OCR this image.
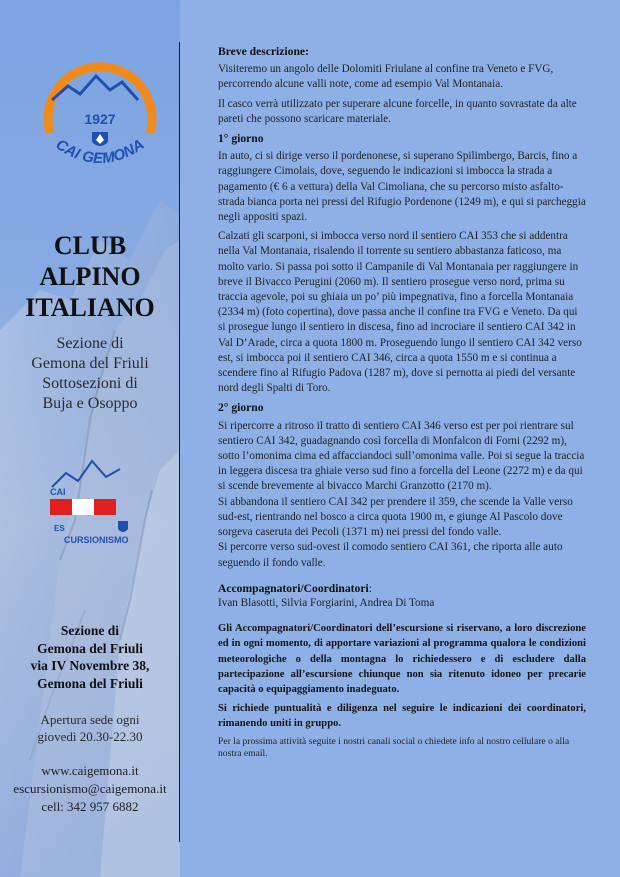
1927
CAI GEMONA
CLUB
ALPINO
ITALIANO
Sezione di
Gemona del Friuli
Sottosezioni di
Buja e Osoppo
CAI
ES
CURSIONISMO
Sezione di
Gemona del Friuli
via IV Novembre 38,
Gemona del Friuli
Apertura sede ogni
giovedì 20.30-22.30
www.caigemona.it
escursionismo@caigemona.it
cell: 342 957 6882
Breve descrizione:

Visiteremo un angolo delle Dolomiti Friulane al confine tra Veneto e FVG, percorrendo alcune valli note, come ad esempio Val Montanaia.

Il casco verrà utilizzato per superare alcune forcelle, in quanto sovrastate da alte pareti che possono scaricare materiale.

1° giorno

In auto, ci si dirige verso il pordenonese, si superano Spilimbergo, Barcis, fino a raggiungere Cimolais, dove, seguendo le indicazioni si imbocca la strada a pagamento (€ 6 a vettura) della Val Cimoliana, che su percorso misto asfalto-strada bianca porta nei pressi del Rifugio Pordenone (1249 m), e qui si parcheggia negli appositi spazi.

Calzati gli scarponi, si imbocca verso nord il sentiero CAI 353 che si addentra nella Val Montanaia, risalendo il torrente su sentiero abbastanza faticoso, ma molto vario. Si passa poi sotto il Campanile di Val Montanaia per raggiungere in breve il Bivacco Perugini (2060 m). Il sentiero prosegue verso nord, prima su traccia agevole, poi su ghiaia un po’ più impegnativa, fino a forcella Montanaia (2334 m) (foto copertina), dove passa anche il confine tra FVG e Veneto. Da qui si prosegue lungo il sentiero in discesa, fino ad incrociare il sentiero CAI 342 in Val D’Arade, circa a quota 1800 m. Proseguendo lungo il sentiero CAI 342 verso est, si imbocca poi il sentiero CAI 346, circa a quota 1550 m e si continua a scendere fino al Rifugio Padova (1287 m), dove si pernotta ai piedi del versante nord degli Spalti di Toro.

2° giorno

Si ripercorre a ritroso il tratto di sentiero CAI 346 verso est per poi rientrare sul sentiero CAI 342, guadagnando così forcella di Monfalcon di Forni (2292 m), sotto l’omonima cima ed affacciandoci sull’omonima valle. Poi si segue la traccia in leggera discesa tra ghiaie verso sud fino a forcella del Leone (2272 m) e da qui si scende brevemente al bivacco Marchi Granzotto (2170 m).

Si abbandona il sentiero CAI 342 per prendere il 359, che scende la Valle verso sud-est, rientrando nel bosco a circa quota 1900 m, e giunge Al Pascolo dove sorgeva caseruta dei Pecoli (1371 m) nei pressi del fondo valle.

Si percorre verso sud-ovest il comodo sentiero CAI 361, che riporta alle auto seguendo il fondo valle.

Accompagnatori/Coordinatori:

Ivan Blasotti, Silvia Forgiarini, Andrea Di Toma

Gli Accompagnatori/Coordinatori dell’escursione si riservano, a loro discrezione ed in ogni momento, di apportare variazioni al programma qualora le condizioni meteorologiche o della montagna lo richiedessero e di escludere dalla partecipazione all’escursione chiunque non sia ritenuto idoneo per precarie capacità o equipaggiamento inadeguato.

Si richiede puntualità e diligenza nel seguire le indicazioni dei coordinatori, rimanendo uniti in gruppo.

Per la prossima attività seguite i nostri canali social o chiedete info al nostro cellulare o alla nostra email.
